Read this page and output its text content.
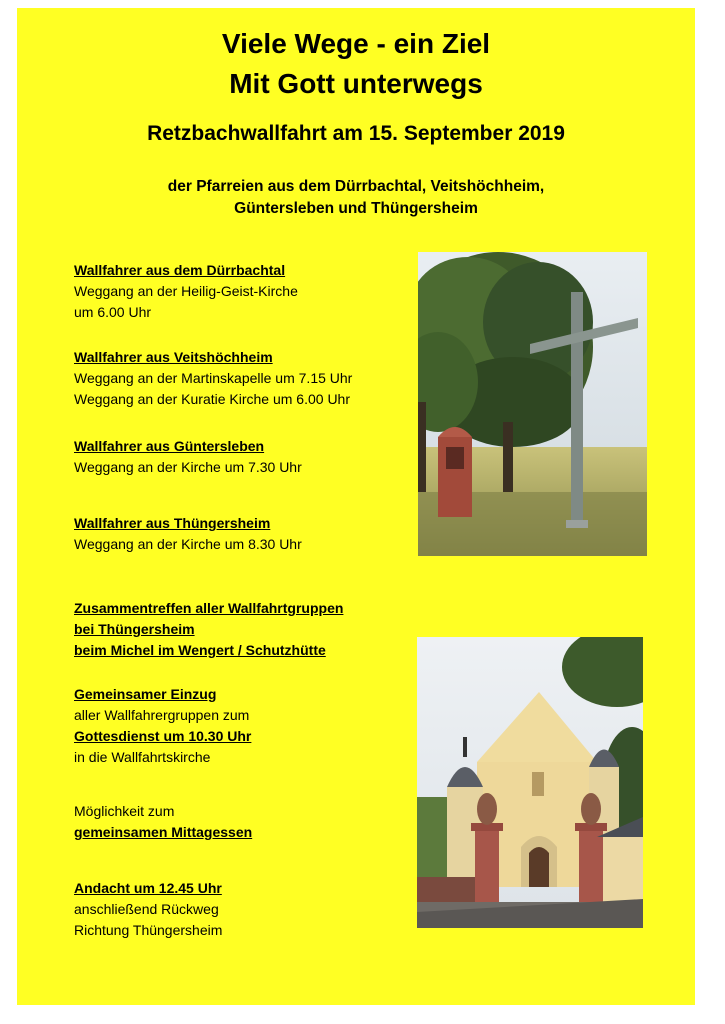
Viele Wege - ein Ziel
Mit Gott unterwegs
Retzbachwallfahrt am 15. September 2019
der Pfarreien aus dem Dürrbachtal, Veitshöchheim,
Güntersleben und Thüngersheim
Wallfahrer aus dem Dürrbachtal
Weggang an der Heilig-Geist-Kirche
um 6.00 Uhr
Wallfahrer aus Veitshöchheim
Weggang an der Martinskapelle um 7.15 Uhr
Weggang an der Kuratie Kirche um 6.00 Uhr
Wallfahrer aus Güntersleben
Weggang an der Kirche um 7.30 Uhr
Wallfahrer aus Thüngersheim
Weggang an der Kirche um 8.30 Uhr
Zusammentreffen aller Wallfahrtgruppen
bei Thüngersheim
beim Michel im Wengert / Schutzhütte
Gemeinsamer Einzug
aller Wallfahrergruppen zum
Gottesdienst um 10.30 Uhr
in die Wallfahrtskirche
Möglichkeit zum
gemeinsamen Mittagessen
Andacht um 12.45 Uhr
anschließend Rückweg
Richtung Thüngersheim
